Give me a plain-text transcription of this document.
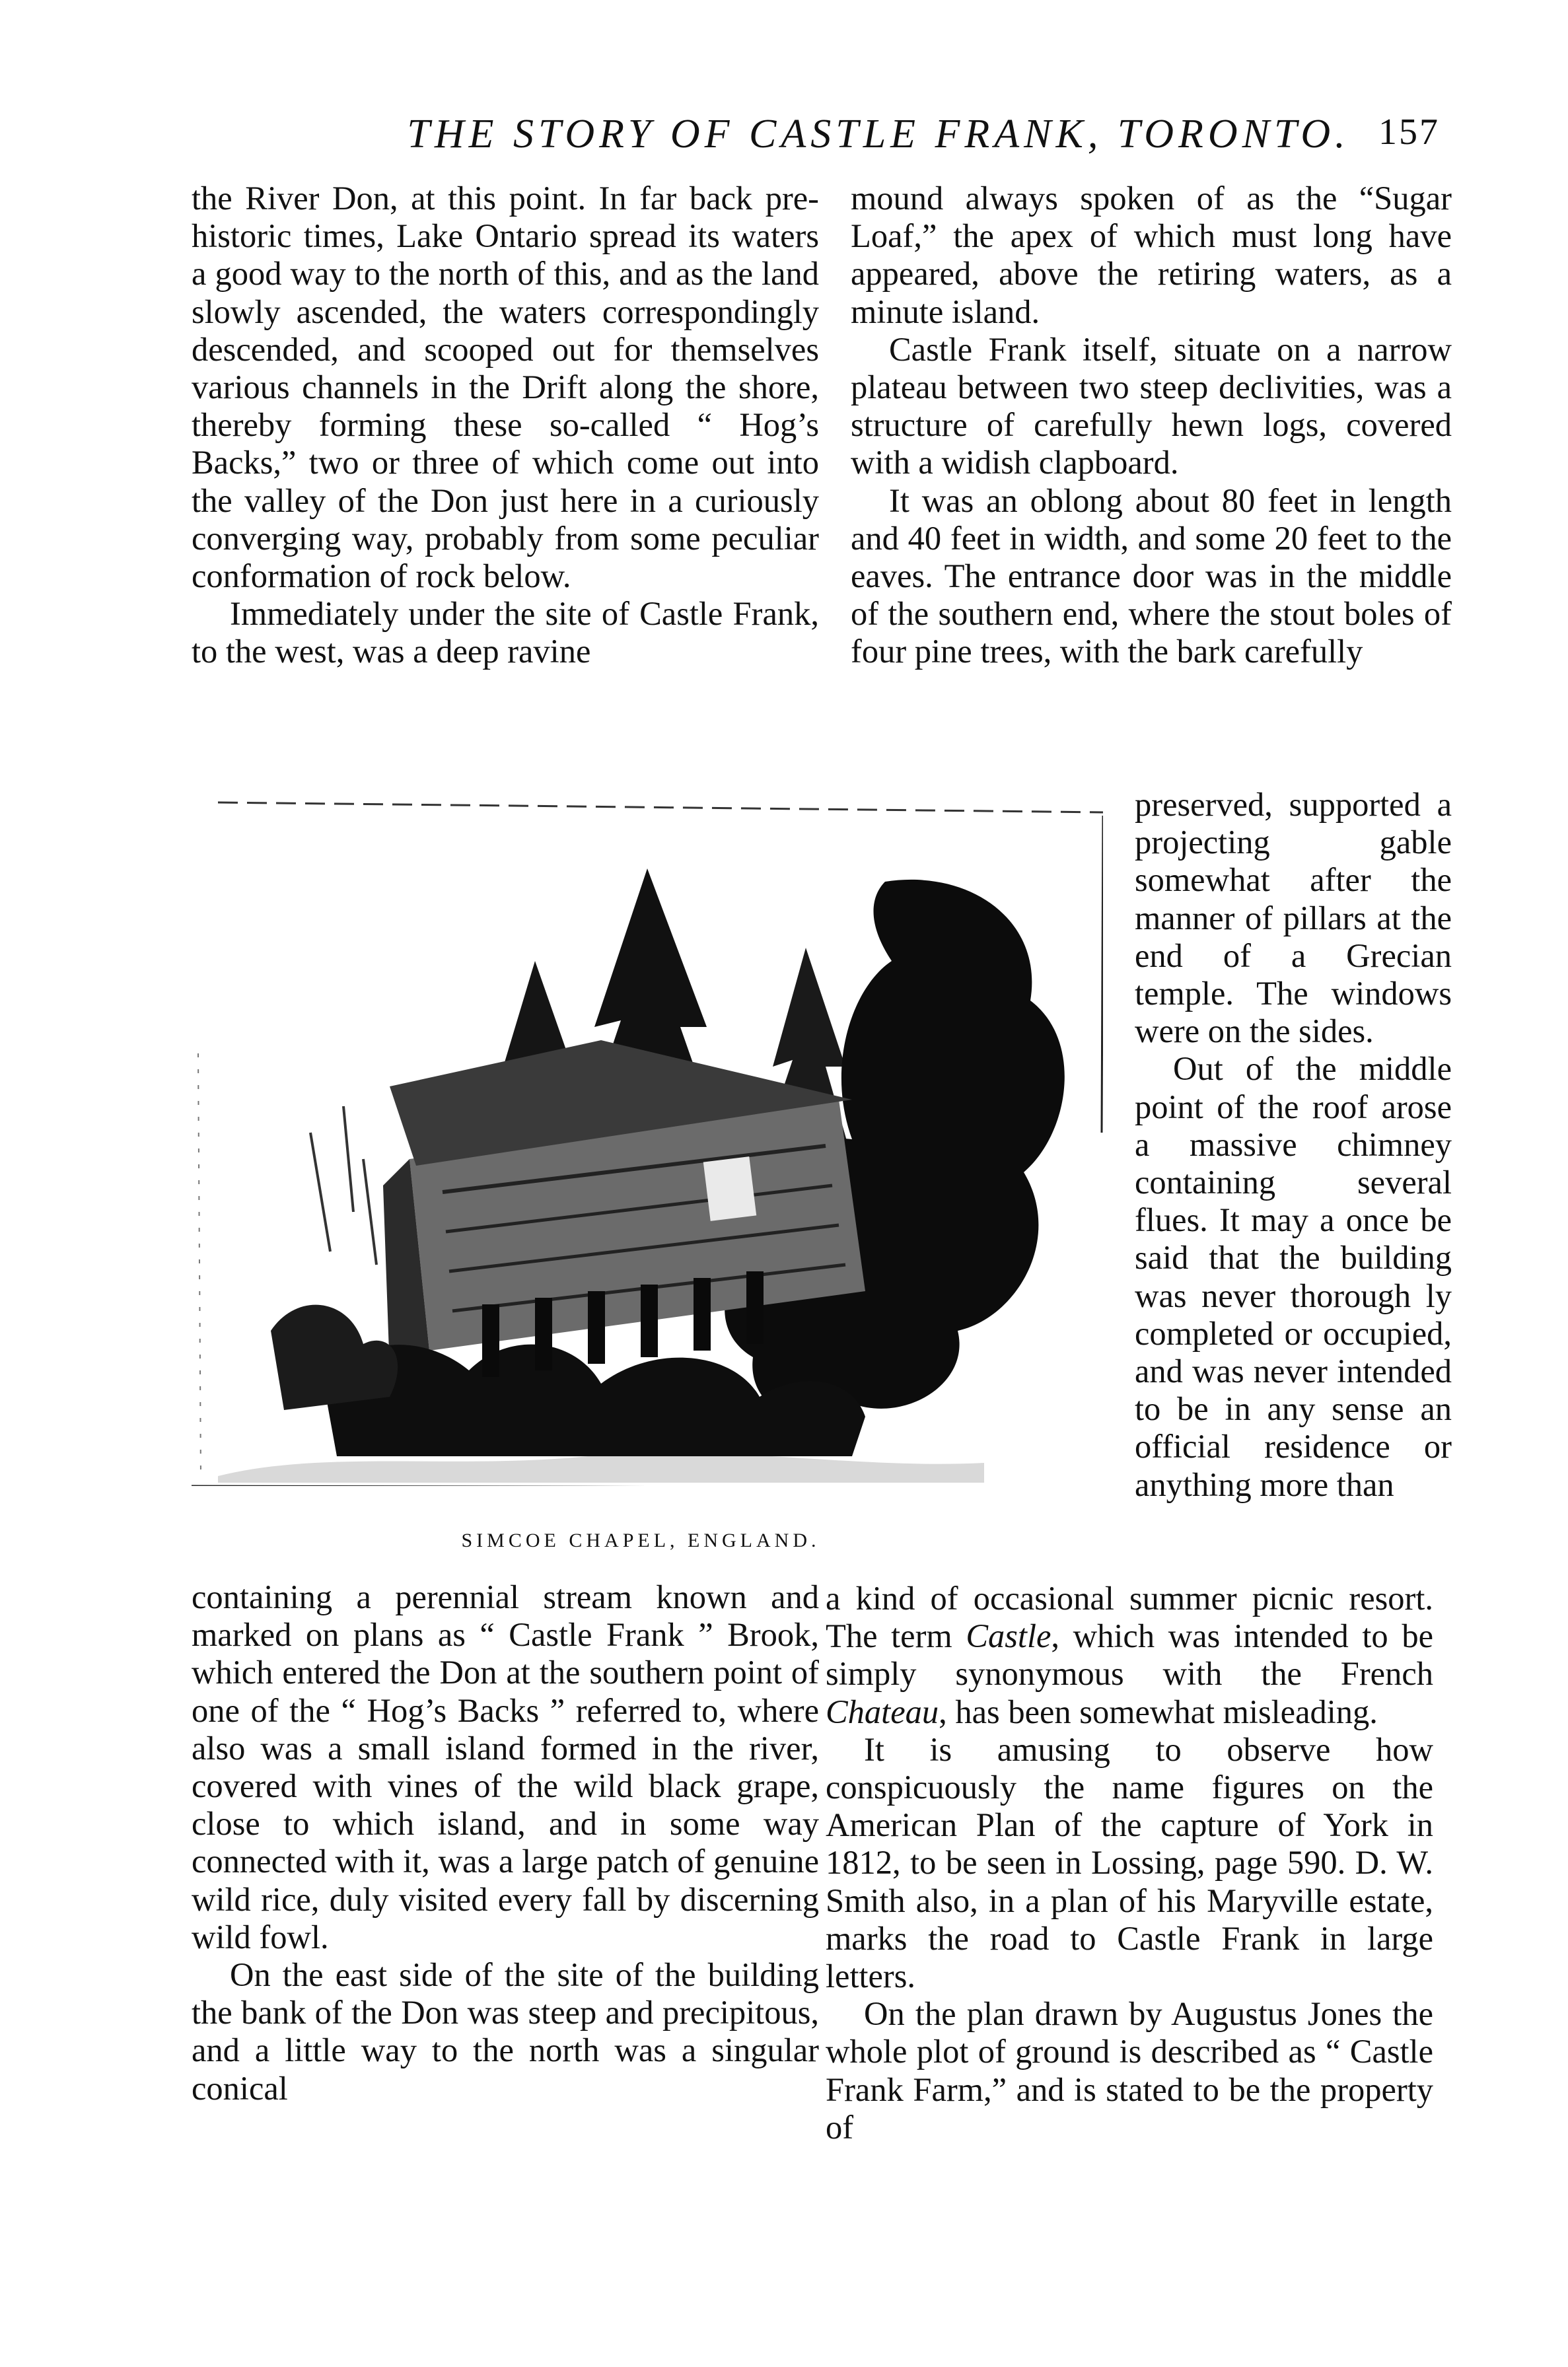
THE STORY OF CASTLE FRANK, TORONTO. 157

the River Don, at this point. In far back pre-historic times, Lake Ontario spread its waters a good way to the north of this, and as the land slowly ascended, the waters correspondingly descended, and scooped out for themselves various channels in the Drift along the shore, thereby forming these so-called “ Hog’s Backs,” two or three of which come out into the valley of the Don just here in a curiously converging way, probably from some peculiar conformation of rock below.

Immediately under the site of Castle Frank, to the west, was a deep ravine

mound always spoken of as the “Sugar Loaf,” the apex of which must long have appeared, above the retiring waters, as a minute island.

Castle Frank itself, situate on a narrow plateau between two steep declivities, was a structure of carefully hewn logs, covered with a widish clapboard.

It was an oblong about 80 feet in length and 40 feet in width, and some 20 feet to the eaves. The entrance door was in the middle of the southern end, where the stout boles of four pine trees, with the bark carefully

SIMCOE CHAPEL, ENGLAND.

preserved, supported a projecting gable somewhat after the manner of pillars at the end of a Grecian temple. The windows were on the sides.

Out of the middle point of the roof arose a massive chimney containing several flues. It may a once be said that the building was never thorough ly completed or occupied, and was never intended to be in any sense an official residence or anything more than

containing a perennial stream known and marked on plans as “ Castle Frank ” Brook, which entered the Don at the southern point of one of the “ Hog’s Backs ” referred to, where also was a small island formed in the river, covered with vines of the wild black grape, close to which island, and in some way connected with it, was a large patch of genuine wild rice, duly visited every fall by discerning wild fowl.

On the east side of the site of the building the bank of the Don was steep and precipitous, and a little way to the north was a singular conical

a kind of occasional summer picnic resort. The term Castle, which was intended to be simply synonymous with the French Chateau, has been somewhat misleading.

It is amusing to observe how conspicuously the name figures on the American Plan of the capture of York in 1812, to be seen in Lossing, page 590. D. W. Smith also, in a plan of his Maryville estate, marks the road to Castle Frank in large letters.

On the plan drawn by Augustus Jones the whole plot of ground is described as “ Castle Frank Farm,” and is stated to be the property of
